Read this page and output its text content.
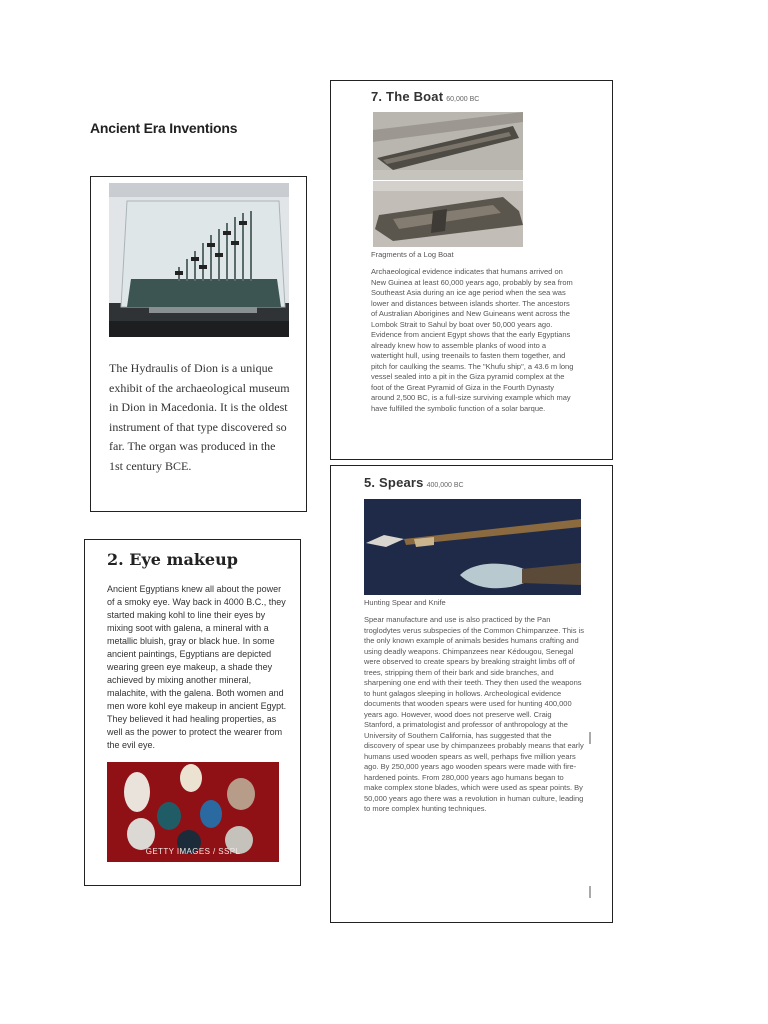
Ancient Era Inventions
The Hydraulis of Dion is a unique exhibit of the archaeological museum in Dion in Macedonia. It is the oldest instrument of that type discovered so far. The organ was produced in the 1st century BCE.
2. Eye makeup
Ancient Egyptians knew all about the power of a smoky eye. Way back in 4000 B.C., they started making kohl to line their eyes by mixing soot with galena, a mineral with a metallic bluish, gray or black hue. In some ancient paintings, Egyptians are depicted wearing green eye makeup, a shade they achieved by mixing another mineral, malachite, with the galena. Both women and men wore kohl eye makeup in ancient Egypt. They believed it had healing properties, as well as the power to protect the wearer from the evil eye.
GETTY IMAGES / SSPL
7. The Boat 60,000 BC
Fragments of a Log Boat
Archaeological evidence indicates that humans arrived on New Guinea at least 60,000 years ago, probably by sea from Southeast Asia during an ice age period when the sea was lower and distances between islands shorter. The ancestors of Australian Aborigines and New Guineans went across the Lombok Strait to Sahul by boat over 50,000 years ago. Evidence from ancient Egypt shows that the early Egyptians already knew how to assemble planks of wood into a watertight hull, using treenails to fasten them together, and pitch for caulking the seams. The "Khufu ship", a 43.6 m long vessel sealed into a pit in the Giza pyramid complex at the foot of the Great Pyramid of Giza in the Fourth Dynasty around 2,500 BC, is a full-size surviving example which may have fulfilled the symbolic function of a solar barque.
5. Spears 400,000 BC
Hunting Spear and Knife
Spear manufacture and use is also practiced by the Pan troglodytes verus subspecies of the Common Chimpanzee. This is the only known example of animals besides humans crafting and using deadly weapons. Chimpanzees near Kédougou, Senegal were observed to create spears by breaking straight limbs off of trees, stripping them of their bark and side branches, and sharpening one end with their teeth. They then used the weapons to hunt galagos sleeping in hollows. Archeological evidence documents that wooden spears were used for hunting 400,000 years ago. However, wood does not preserve well. Craig Stanford, a primatologist and professor of anthropology at the University of Southern California, has suggested that the discovery of spear use by chimpanzees probably means that early humans used wooden spears as well, perhaps five million years ago. By 250,000 years ago wooden spears were made with fire-hardened points. From 280,000 years ago humans began to make complex stone blades, which were used as spear points. By 50,000 years ago there was a revolution in human culture, leading to more complex hunting techniques.
